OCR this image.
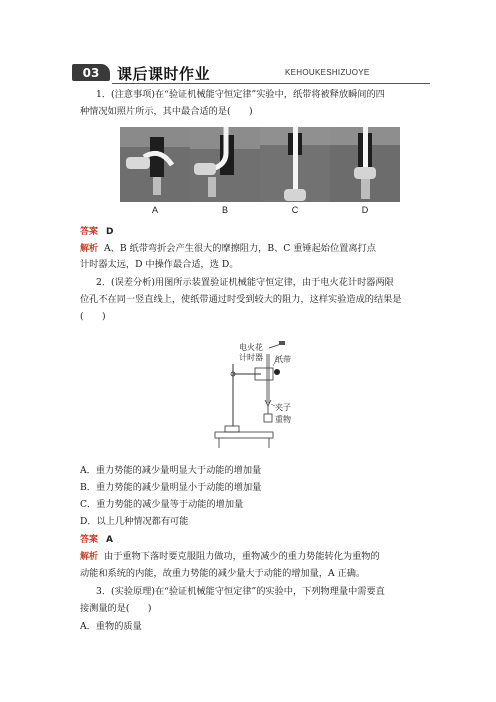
03	课后课时作业	KEHOUKESHIZUOYE
1．(注意事项)在“验证机械能守恒定律”实验中，纸带将被释放瞬间的四
种情况如照片所示，其中最合适的是(　　)
A	B	C	D
答案 D
解析 A、B 纸带弯折会产生很大的摩擦阻力，B、C 重锤起始位置离打点
计时器太远，D 中操作最合适，选 D。
2．(误差分析)用图所示装置验证机械能守恒定律，由于电火花计时器两限
位孔不在同一竖直线上，使纸带通过时受到较大的阻力，这样实验造成的结果是
(　　)
电火花
计时器 纸带
夹子
重物
A．重力势能的减少量明显大于动能的增加量
B．重力势能的减少量明显小于动能的增加量
C．重力势能的减少量等于动能的增加量
D．以上几种情况都有可能
答案 A
解析 由于重物下落时要克服阻力做功，重物减少的重力势能转化为重物的
动能和系统的内能，故重力势能的减少量大于动能的增加量，A 正确。
3．(实验原理)在“验证机械能守恒定律”的实验中，下列物理量中需要直
接测量的是(　　)
A．重物的质量
